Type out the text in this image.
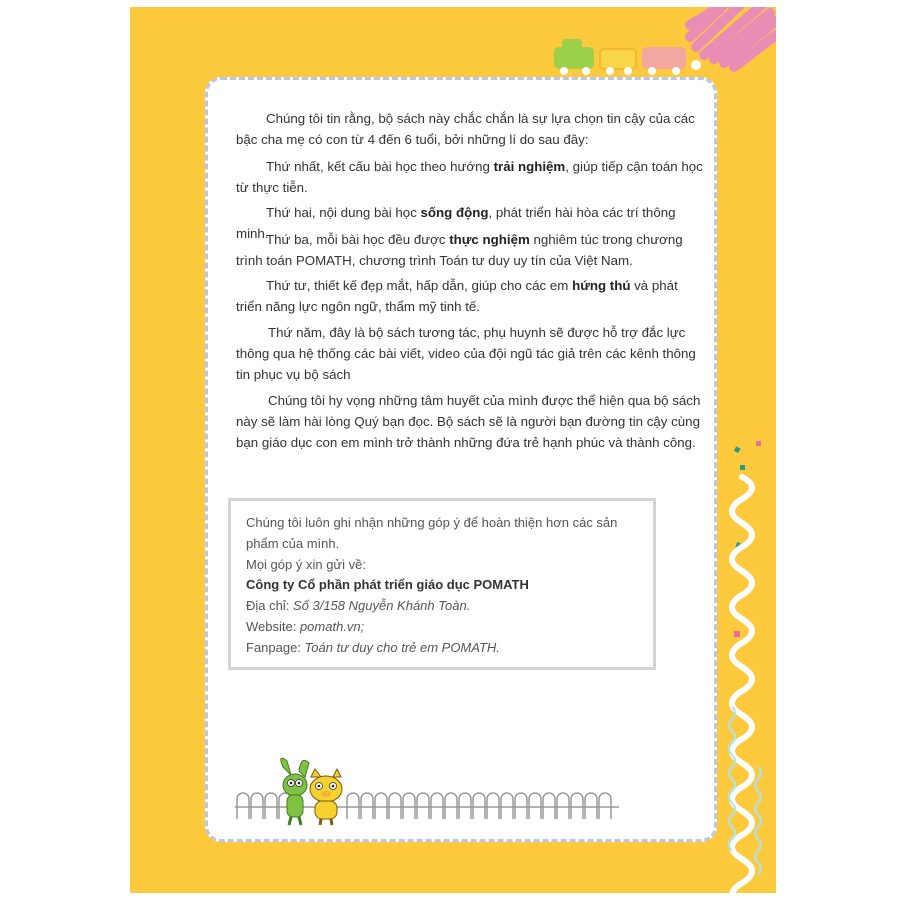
Chúng tôi tin rằng, bộ sách này chắc chắn là sự lựa chọn tin cậy của các bậc cha mẹ có con từ 4 đến 6 tuổi, bởi những lí do sau đây:

Thứ nhất, kết cấu bài học theo hướng trải nghiệm, giúp tiếp cận toán học từ thực tiễn.

Thứ hai, nội dung bài học sống động, phát triển hài hòa các trí thông minh.

Thứ ba, mỗi bài học đều được thực nghiệm nghiêm túc trong chương trình toán POMATH, chương trình Toán tư duy uy tín của Việt Nam.

Thứ tư, thiết kế đẹp mắt, hấp dẫn, giúp cho các em hứng thú và phát triển năng lực ngôn ngữ, thẩm mỹ tinh tế.

Thứ năm, đây là bộ sách tương tác, phụ huynh sẽ được hỗ trợ đắc lực thông qua hệ thống các bài viết, video của đội ngũ tác giả trên các kênh thông tin phục vụ bộ sách

Chúng tôi hy vọng những tâm huyết của mình được thể hiện qua bộ sách này sẽ làm hài lòng Quý bạn đọc. Bộ sách sẽ là người bạn đường tin cậy cùng bạn giáo dục con em mình trở thành những đứa trẻ hạnh phúc và thành công.

Chúng tôi luôn ghi nhận những góp ý để hoàn thiện hơn các sản phẩm của mình.
Mọi góp ý xin gửi về:
Công ty Cổ phần phát triển giáo dục POMATH
Địa chỉ: Số 3/158 Nguyễn Khánh Toàn.
Website: pomath.vn;
Fanpage: Toán tư duy cho trẻ em POMATH.
